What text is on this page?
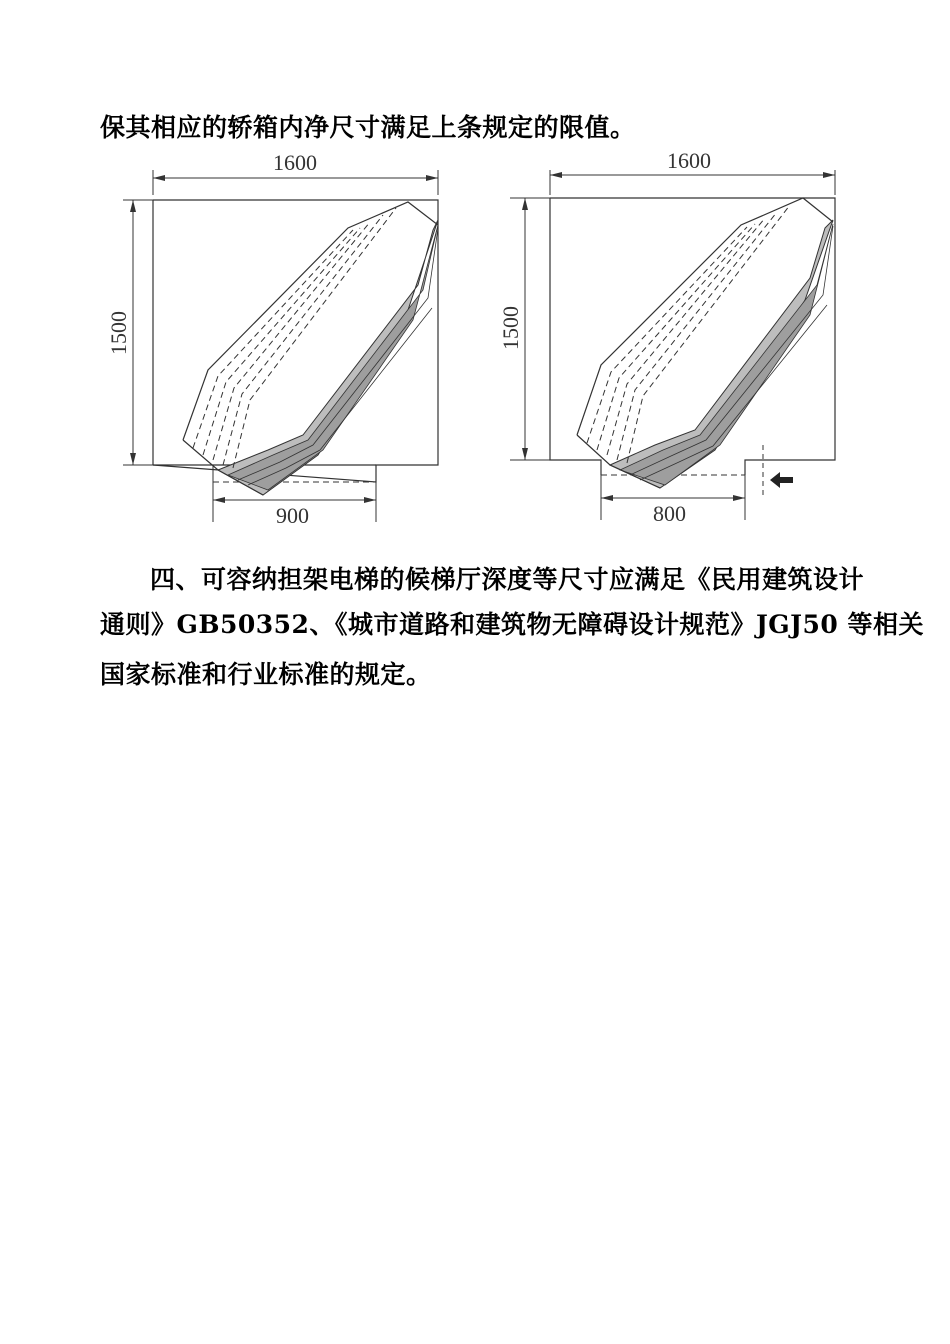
保其相应的轿箱内净尺寸满足上条规定的限值。
1600
1500
900
1600
1500
800
四、可容纳担架电梯的候梯厅深度等尺寸应满足《民用建筑设计
通则》GB50352、《城市道路和建筑物无障碍设计规范》JGJ50 等相关
国家标准和行业标准的规定。
